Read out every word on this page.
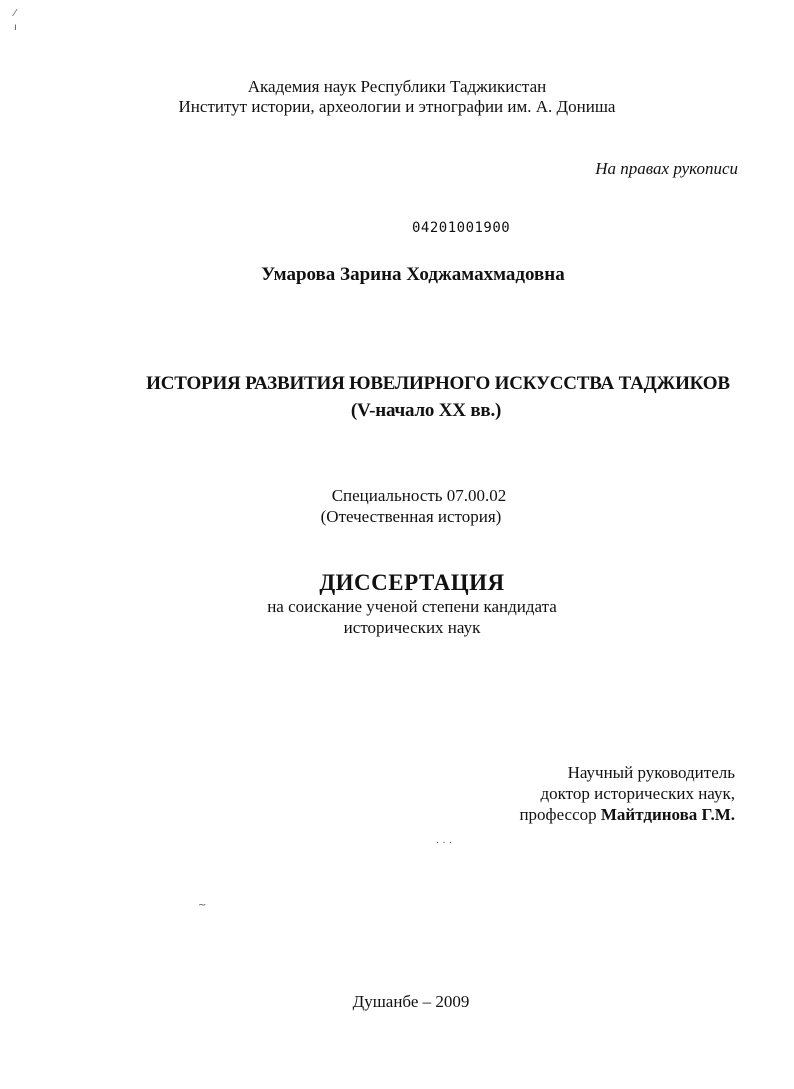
⁄
ı
Академия наук Республики Таджикистан
Институт истории, археологии и этнографии им. А. Дониша
На правах рукописи
04201001900
Умарова Зарина Ходжамахмадовна
ИСТОРИЯ РАЗВИТИЯ ЮВЕЛИРНОГО ИСКУССТВА ТАДЖИКОВ
(V-начало XX вв.)
Специальность 07.00.02
(Отечественная история)
ДИССЕРТАЦИЯ
на соискание ученой степени кандидата
исторических наук
Научный руководитель
доктор исторических наук,
профессор Майтдинова Г.М.
· · ·
~
Душанбе – 2009
